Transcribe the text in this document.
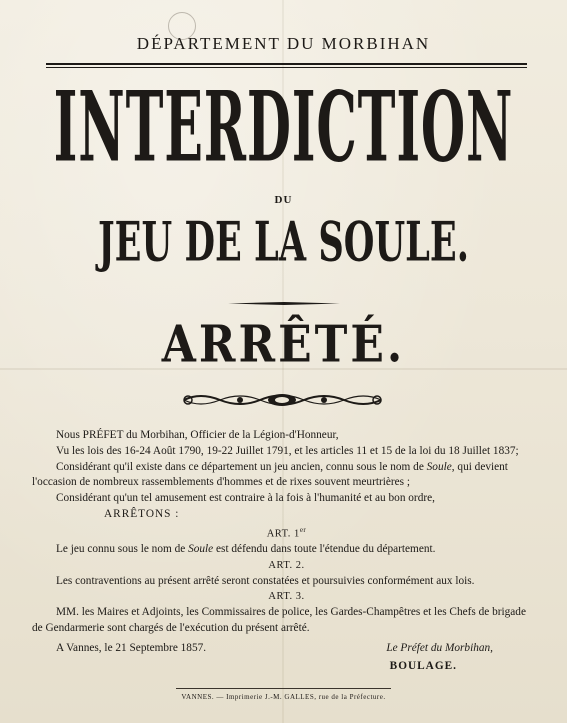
DÉPARTEMENT DU MORBIHAN
INTERDICTION
DU
JEU DE LA SOULE.
ARRÊTÉ.
Nous PRÉFET du Morbihan, Officier de la Légion-d'Honneur,
Vu les lois des 16-24 Août 1790, 19-22 Juillet 1791, et les articles 11 et 15 de la loi du 18 Juillet 1837;
Considérant qu'il existe dans ce département un jeu ancien, connu sous le nom de Soule, qui devient
l'occasion de nombreux rassemblements d'hommes et de rixes souvent meurtrières ;
Considérant qu'un tel amusement est contraire à la fois à l'humanité et au bon ordre,
ARRÊTONS :
ART. 1er
Le jeu connu sous le nom de Soule est défendu dans toute l'étendue du département.
ART. 2.
Les contraventions au présent arrêté seront constatées et poursuivies conformément aux lois.
ART. 3.
MM. les Maires et Adjoints, les Commissaires de police, les Gardes-Champêtres et les Chefs de brigade
de Gendarmerie sont chargés de l'exécution du présent arrêté.
A Vannes, le 21 Septembre 1857.	Le Préfet du Morbihan,
BOULAGE.
VANNES. — Imprimerie J.-M. GALLES, rue de la Préfecture.
